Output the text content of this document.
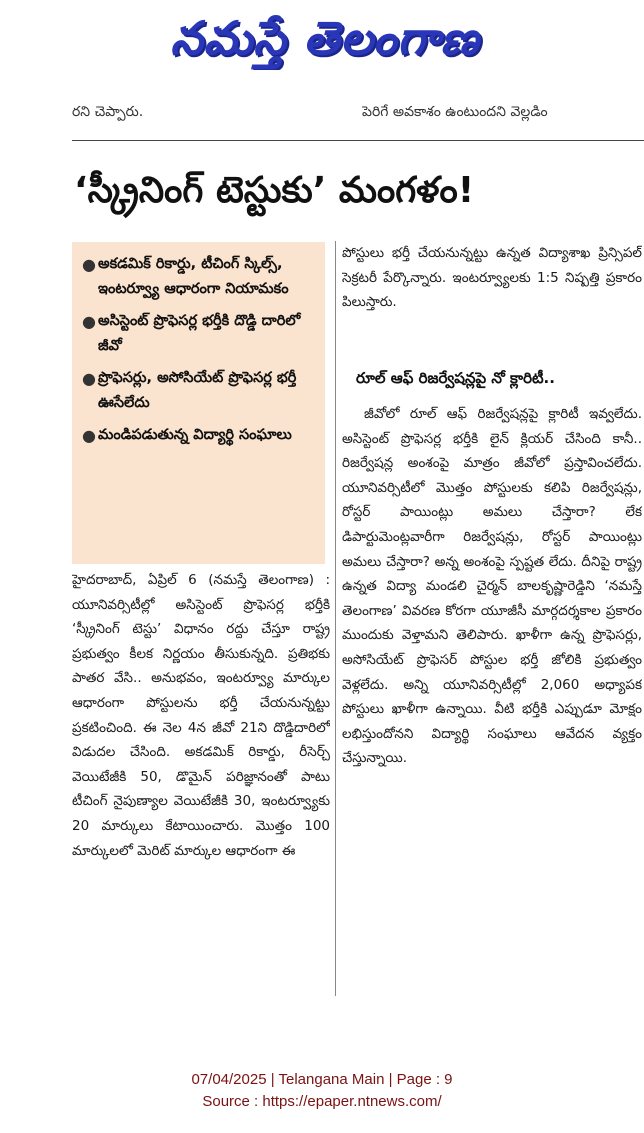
నమస్తే తెలంగాణ
రని చెప్పారు.	పెరిగే అవకాశం ఉంటుందని వెల్లడిం
‘స్క్రీనింగ్ టెస్టుకు’ మంగళం!
● అకడమిక్ రికార్డు, టీచింగ్ స్కిల్స్, ఇంటర్వ్యూ ఆధారంగా నియామకం
● అసిస్టెంట్ ప్రొఫెసర్ల భర్తీకి దొడ్డి దారిలో జీవో
● ప్రొఫెసర్లు, అసోసియేట్ ప్రొఫెసర్ల భర్తీ ఊసేలేదు
● మండిపడుతున్న విద్యార్థి సంఘాలు
హైదరాబాద్, ఏప్రిల్ 6 (నమస్తే తెలంగాణ) : యూనివర్సిటీల్లో అసిస్టెంట్ ప్రొఫెసర్ల భర్తీకి ‘స్క్రీనింగ్ టెస్టు’ విధానం రద్దు చేస్తూ రాష్ట్ర ప్రభుత్వం కీలక నిర్ణయం తీసుకున్నది. ప్రతిభకు పాతర వేసి.. అనుభవం, ఇంటర్వ్యూ మార్కుల ఆధారంగా పోస్టులను భర్తీ చేయనున్నట్టు ప్రకటించింది. ఈ నెల 4న జీవో 21ని దొడ్డిదారిలో విడుదల చేసింది. అకడమిక్ రికార్డు, రీసెర్చ్ వెయిటేజీకి 50, డొమైన్ పరిజ్ఞానంతో పాటు టీచింగ్ నైపుణ్యాల వెయిటేజీకి 30, ఇంటర్వ్యూకు 20 మార్కులు కేటాయించారు. మొత్తం 100 మార్కులలో మెరిట్ మార్కుల ఆధారంగా ఈ
పోస్టులు భర్తీ చేయనున్నట్టు ఉన్నత విద్యాశాఖ ప్రిన్సిపల్ సెక్రటరీ పేర్కొన్నారు. ఇంటర్వ్యూలకు 1:5 నిష్పత్తి ప్రకారం పిలుస్తారు.
రూల్ ఆఫ్ రిజర్వేషన్లపై నో క్లారిటీ..
జీవోలో రూల్ ఆఫ్ రిజర్వేషన్లపై క్లారిటీ ఇవ్వలేదు. అసిస్టెంట్ ప్రొఫెసర్ల భర్తీకి లైన్ క్లియర్ చేసింది కానీ.. రిజర్వేషన్ల అంశంపై మాత్రం జీవోలో ప్రస్తావించలేదు. యూనివర్సిటీలో మొత్తం పోస్టులకు కలిపి రిజర్వేషన్లు, రోస్టర్ పాయింట్లు అమలు చేస్తారా? లేక డిపార్టుమెంట్లవారీగా రిజర్వేషన్లు, రోస్టర్ పాయింట్లు అమలు చేస్తారా? అన్న అంశంపై స్పష్టత లేదు. దీనిపై రాష్ట్ర ఉన్నత విద్యా మండలి చైర్మన్ బాలకృష్ణారెడ్డిని ‘నమస్తే తెలంగాణ’ వివరణ కోరగా యూజీసీ మార్గదర్శకాల ప్రకారం ముందుకు వెళ్తామని తెలిపారు. ఖాళీగా ఉన్న ప్రొఫెసర్లు, అసోసియేట్ ప్రొఫెసర్ పోస్టుల భర్తీ జోలికి ప్రభుత్వం వెళ్లలేదు. అన్ని యూనివర్సిటీల్లో 2,060 అధ్యాపక పోస్టులు ఖాళీగా ఉన్నాయి. వీటి భర్తీకి ఎప్పుడూ మోక్షం లభిస్తుందోనని విద్యార్థి సంఘాలు ఆవేదన వ్యక్తం చేస్తున్నాయి.
07/04/2025 | Telangana Main | Page : 9
Source : https://epaper.ntnews.com/
